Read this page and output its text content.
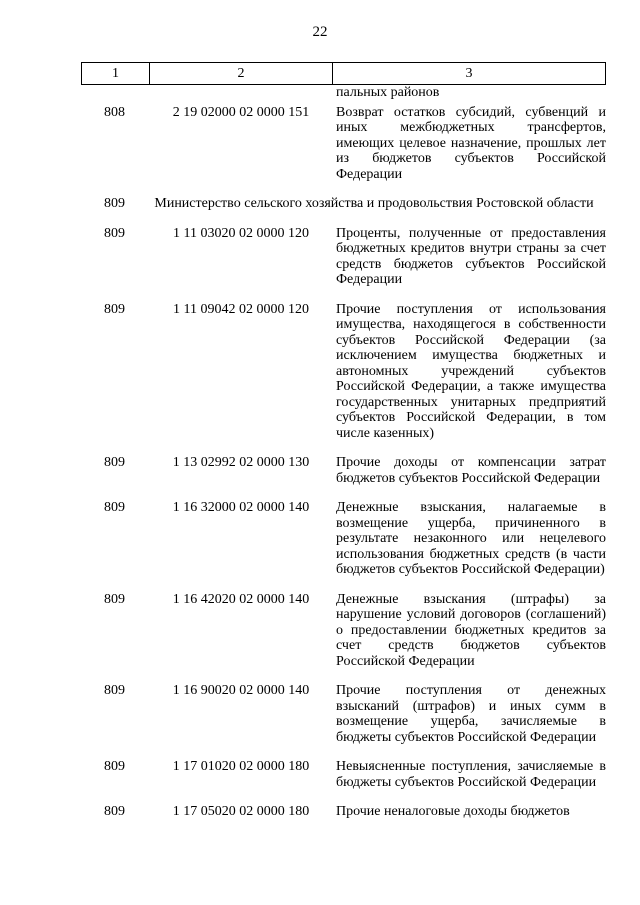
22
1	2	3
пальных районов
808	2 19 02000 02 0000 151	Возврат остатков субсидий, субвенций и иных межбюджетных трансфертов, имеющих целевое назначение, прошлых лет из бюджетов субъектов Российской Федерации
809	Министерство сельского хозяйства и продовольствия Ростовской области
809	1 11 03020 02 0000 120	Проценты, полученные от предоставления бюджетных кредитов внутри страны за счет средств бюджетов субъектов Российской Федерации
809	1 11 09042 02 0000 120	Прочие поступления от использования имущества, находящегося в собственности субъектов Российской Федерации (за исключением имущества бюджетных и автономных учреждений субъектов Российской Федерации, а также имущества государственных унитарных предприятий субъектов Российской Федерации, в том числе казенных)
809	1 13 02992 02 0000 130	Прочие доходы от компенсации затрат бюджетов субъектов Российской Федерации
809	1 16 32000 02 0000 140	Денежные взыскания, налагаемые в возмещение ущерба, причиненного в результате незаконного или нецелевого использования бюджетных средств (в части бюджетов субъектов Российской Федерации)
809	1 16 42020 02 0000 140	Денежные взыскания (штрафы) за нарушение условий договоров (соглашений) о предоставлении бюджетных кредитов за счет средств бюджетов субъектов Российской Федерации
809	1 16 90020 02 0000 140	Прочие поступления от денежных взысканий (штрафов) и иных сумм в возмещение ущерба, зачисляемые в бюджеты субъектов Российской Федерации
809	1 17 01020 02 0000 180	Невыясненные поступления, зачисляемые в бюджеты субъектов Российской Федерации
809	1 17 05020 02 0000 180	Прочие неналоговые доходы бюджетов
